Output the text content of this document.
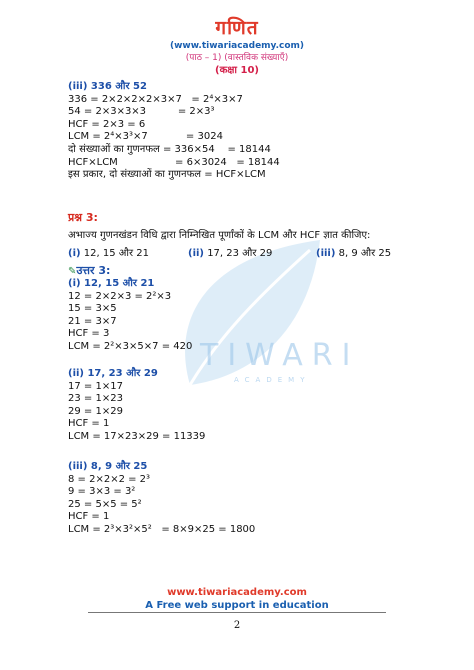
TIWARI
ACADEMY
गणित
(www.tiwariacademy.com)
(पाठ – 1) (वास्तविक संख्याएँ)
(कक्षा 10)
(iii) 336 और 52
336 = 2×2×2×2×3×7   = 2⁴×3×7
54 = 2×3×3×3          = 2×3³
HCF = 2×3 = 6
LCM = 2⁴×3³×7            = 3024
दो संख्याओं का गुणनफल = 336×54    = 18144
HCF×LCM                  = 6×3024   = 18144
इस प्रकार, दो संख्याओं का गुणनफल = HCF×LCM
प्रश्न 3:
अभाज्य गुणनखंडन विधि द्वारा निम्निखित पूर्णांकों के LCM और HCF ज्ञात कीजिए:
(i) 12, 15 और 21	(ii) 17, 23 और 29	(iii) 8, 9 और 25
✎उत्तर 3:
(i) 12, 15 और 21
12 = 2×2×3 = 2²×3
15 = 3×5
21 = 3×7
HCF = 3
LCM = 2²×3×5×7 = 420
(ii) 17, 23 और 29
17 = 1×17
23 = 1×23
29 = 1×29
HCF = 1
LCM = 17×23×29 = 11339
(iii) 8, 9 और 25
8 = 2×2×2 = 2³
9 = 3×3 = 3²
25 = 5×5 = 5²
HCF = 1
LCM = 2³×3²×5²   = 8×9×25 = 1800
www.tiwariacademy.com
A Free web support in education
2
